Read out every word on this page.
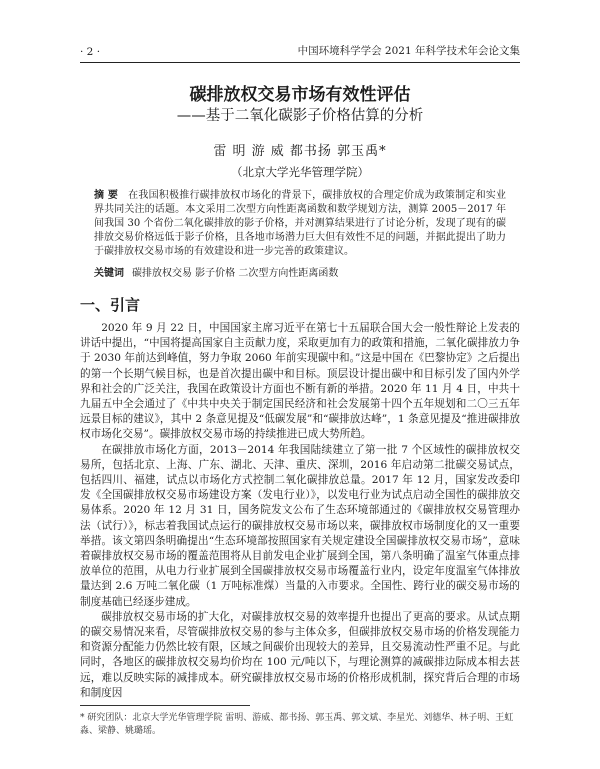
· 2 ·	中国环境科学学会 2021 年科学技术年会论文集
碳排放权交易市场有效性评估
——基于二氧化碳影子价格估算的分析
雷 明 游 威 都书扬 郭玉禹*
（北京大学光华管理学院）
摘 要 在我国积极推行碳排放权市场化的背景下，碳排放权的合理定价成为政策制定和实业界共同关注的话题。本文采用二次型方向性距离函数和数学规划方法，测算 2005－2017 年间我国 30 个省份二氧化碳排放的影子价格，并对测算结果进行了讨论分析，发现了现有的碳排放交易价格远低于影子价格，且各地市场潜力巨大但有效性不足的问题，并据此提出了助力于碳排放权交易市场的有效建设和进一步完善的政策建议。
关键词 碳排放权交易 影子价格 二次型方向性距离函数
一、引言

2020 年 9 月 22 日，中国国家主席习近平在第七十五届联合国大会一般性辩论上发表的讲话中提出，“中国将提高国家自主贡献力度，采取更加有力的政策和措施，二氧化碳排放力争于 2030 年前达到峰值，努力争取 2060 年前实现碳中和。”这是中国在《巴黎协定》之后提出的第一个长期气候目标，也是首次提出碳中和目标。顶层设计提出碳中和目标引发了国内外学界和社会的广泛关注，我国在政策设计方面也不断有新的举措。2020 年 11 月 4 日，中共十九届五中全会通过了《中共中央关于制定国民经济和社会发展第十四个五年规划和二〇三五年远景目标的建议》，其中 2 条意见提及“低碳发展”和“碳排放达峰”，1 条意见提及“推进碳排放权市场化交易”。碳排放权交易市场的持续推进已成大势所趋。

在碳排放市场化方面，2013－2014 年我国陆续建立了第一批 7 个区域性的碳排放权交易所，包括北京、上海、广东、湖北、天津、重庆、深圳，2016 年启动第二批碳交易试点，包括四川、福建，试点以市场化方式控制二氧化碳排放总量。2017 年 12 月，国家发改委印发《全国碳排放权交易市场建设方案（发电行业）》，以发电行业为试点启动全国性的碳排放交易体系。2020 年 12 月 31 日，国务院发文公布了生态环境部通过的《碳排放权交易管理办法（试行）》，标志着我国试点运行的碳排放权交易市场以来，碳排放权市场制度化的又一重要举措。该文第四条明确提出“生态环境部按照国家有关规定建设全国碳排放权交易市场”，意味着碳排放权交易市场的覆盖范围将从目前发电企业扩展到全国，第八条明确了温室气体重点排放单位的范围，从电力行业扩展到全国碳排放权交易市场覆盖行业内，设定年度温室气体排放量达到 2.6 万吨二氧化碳（1 万吨标准煤）当量的入市要求。全国性、跨行业的碳交易市场的制度基础已经逐步建成。

碳排放权交易市场的扩大化，对碳排放权交易的效率提升也提出了更高的要求。从试点期的碳交易情况来看，尽管碳排放权交易的参与主体众多，但碳排放权交易市场的价格发现能力和资源分配能力仍然比较有限，区域之间碳价出现较大的差异，且交易流动性严重不足。与此同时，各地区的碳排放权交易均价均在 100 元/吨以下，与理论测算的减碳排边际成本相去甚远，难以反映实际的减排成本。研究碳排放权交易市场的价格形成机制，探究背后合理的市场和制度因

* 研究团队：北京大学光华管理学院 雷明、游威、都书扬、郭玉禹、郭文斌、李星光、刘德华、林子明、王虹淼、梁静、姚璐瑶。
